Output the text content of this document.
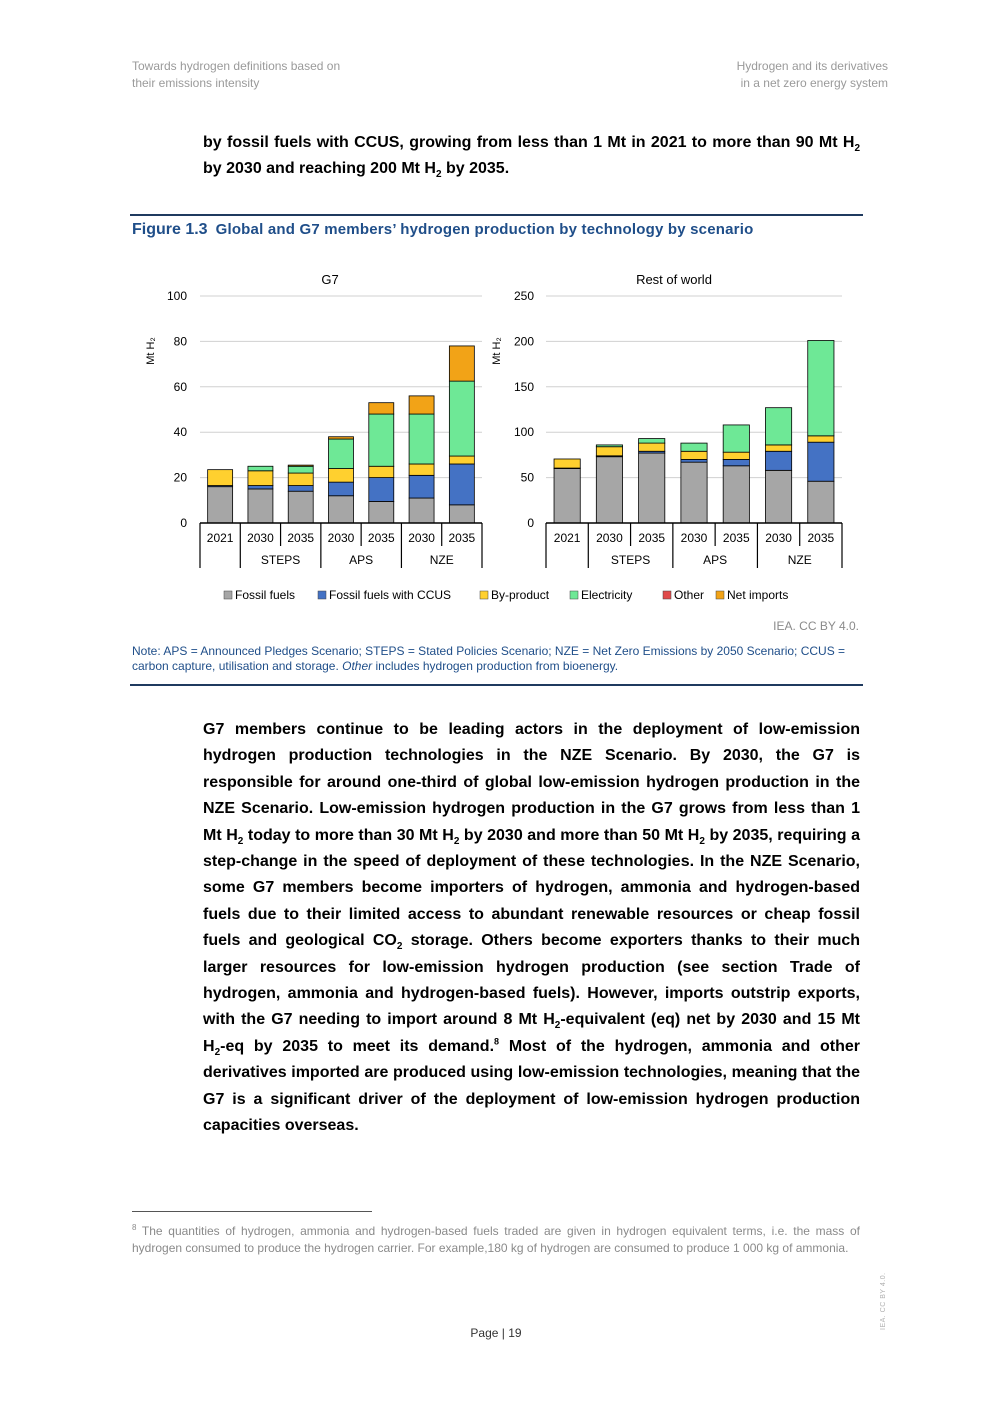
Towards hydrogen definitions based on
their emissions intensity
Hydrogen and its derivatives
in a net zero energy system
by fossil fuels with CCUS, growing from less than 1 Mt in 2021 to more than 90 Mt $H_2$ by 2030 and reaching 200 Mt $H_2$ by 2035.
Figure 1.3 Global and G7 members’ hydrogen production by technology by scenario
G7
Mt H₂
0
20
40
60
80
100
2021 2030 2035 2030 2035 2030 2035
STEPS	APS	NZE
Rest of world
Mt H₂
0
50
100
150
200
250
2021 2030 2035 2030 2035 2030 2035
STEPS	APS	NZE
Fossil fuels	Fossil fuels with CCUS	By-product	Electricity	Other Net imports
IEA. CC BY 4.0.
Note: APS = Announced Pledges Scenario; STEPS = Stated Policies Scenario; NZE = Net Zero Emissions by 2050 Scenario; CCUS = carbon capture, utilisation and storage. Other includes hydrogen production from bioenergy.
G7 members continue to be leading actors in the deployment of low-emission hydrogen production technologies in the NZE Scenario. By 2030, the G7 is responsible for around one-third of global low-emission hydrogen production in the NZE Scenario. Low-emission hydrogen production in the G7 grows from less than 1 Mt $H_2$ today to more than 30 Mt $H_2$ by 2030 and more than 50 Mt $H_2$ by 2035, requiring a step-change in the speed of deployment of these technologies. In the NZE Scenario, some G7 members become importers of hydrogen, ammonia and hydrogen-based fuels due to their limited access to abundant renewable resources or cheap fossil fuels and geological $CO_2$ storage. Others become exporters thanks to their much larger resources for low-emission hydrogen production (see section Trade of hydrogen, ammonia and hydrogen-based fuels). However, imports outstrip exports, with the G7 needing to import around 8 Mt $H_2$-equivalent (eq) net by 2030 and 15 Mt $H_2-eq$ by 2035 to meet its demand.$^8$ Most of the hydrogen, ammonia and other derivatives imported are produced using low-emission technologies, meaning that the G7 is a significant driver of the deployment of low-emission hydrogen production capacities overseas.
$^8$ The quantities of hydrogen, ammonia and hydrogen-based fuels traded are given in hydrogen equivalent terms, i.e. the mass of hydrogen consumed to produce the hydrogen carrier. For example,180 kg of hydrogen are consumed to produce 1 000 kg of ammonia.
Page | 19
IEA. CC BY 4.0.
